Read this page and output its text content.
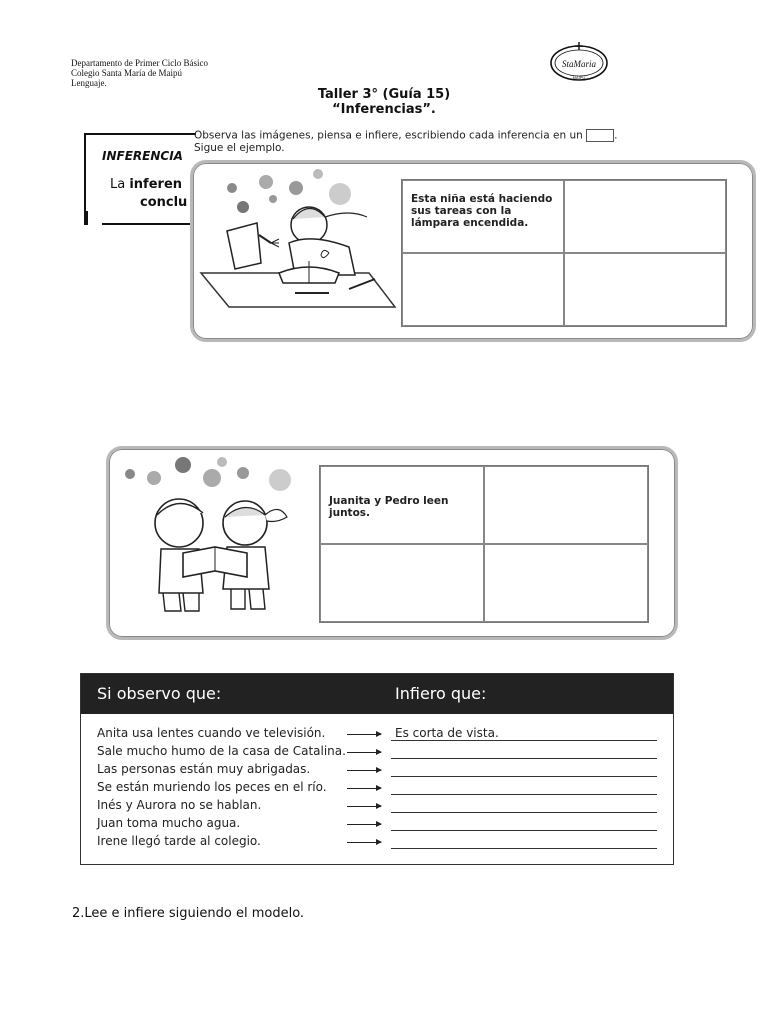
Departamento de Primer Ciclo Básico
Colegio Santa María de Maipú
Lenguaje.
StaMaria
MAIPÚ
Taller 3° (Guía 15)
“Inferencias”.
INFERENCIA
La inferen
conclu
Observa las imágenes, piensa e infiere, escribiendo cada inferencia en un	.
Sigue el ejemplo.
Esta niña está haciendo sus tareas con la lámpara encendida.
Juanita y Pedro leen juntos.
Si observo que:	Infiero que:
Anita usa lentes cuando ve televisión.
Sale mucho humo de la casa de Catalina.
Las personas están muy abrigadas.
Se están muriendo los peces en el río.
Inés y Aurora no se hablan.
Juan toma mucho agua.
Irene llegó tarde al colegio.
Es corta de vista.
2.Lee e infiere siguiendo el modelo.
